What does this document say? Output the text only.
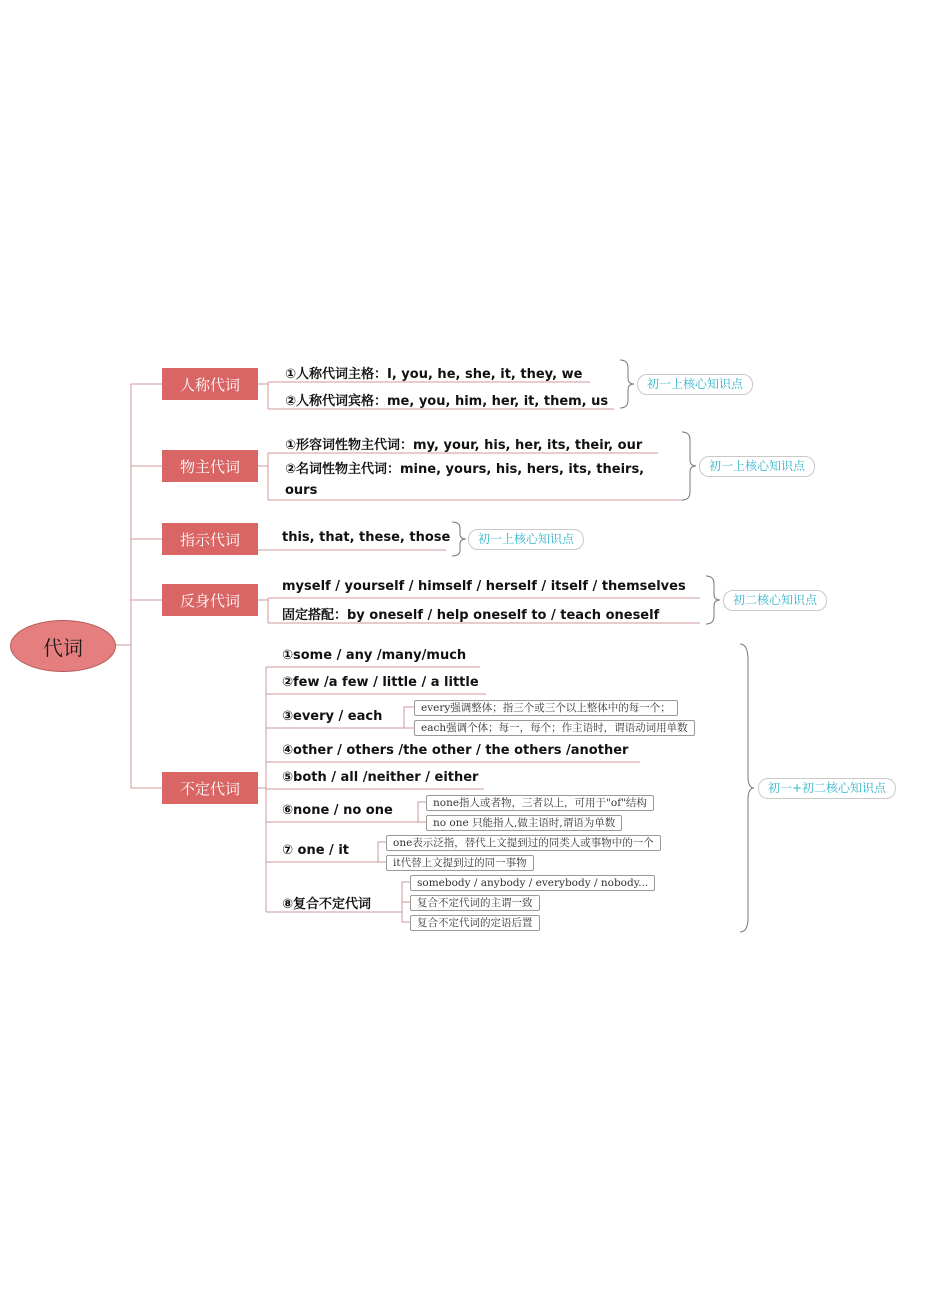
代词
人称代词
①人称代词主格：I, you, he, she, it, they, we
②人称代词宾格：me, you, him, her, it, them, us
初一上核心知识点
物主代词
①形容词性物主代词：my, your, his, her, its, their, our
②名词性物主代词：mine, yours, his, hers, its, theirs, ours
初一上核心知识点
指示代词	this, that, these, those	初一上核心知识点
反身代词
myself / yourself / himself / herself / itself / themselves
固定搭配：by oneself / help oneself to / teach oneself
初二核心知识点
不定代词
①some / any /many/much
②few /a few / little / a little
③every / each
④other / others /the other / the others /another
⑤both / all /neither / either
⑥none / no one
⑦ one / it
⑧复合不定代词
every强调整体；指三个或三个以上整体中的每一个；
each强调个体；每一，每个；作主语时，谓语动词用单数
none指人或者物，三者以上，可用于"of"结构
no one 只能指人,做主语时,谓语为单数
one表示泛指，替代上文提到过的同类人或事物中的一个
it代替上文提到过的同一事物
somebody / anybody / everybody / nobody...
复合不定代词的主谓一致
复合不定代词的定语后置
初一+初二核心知识点
